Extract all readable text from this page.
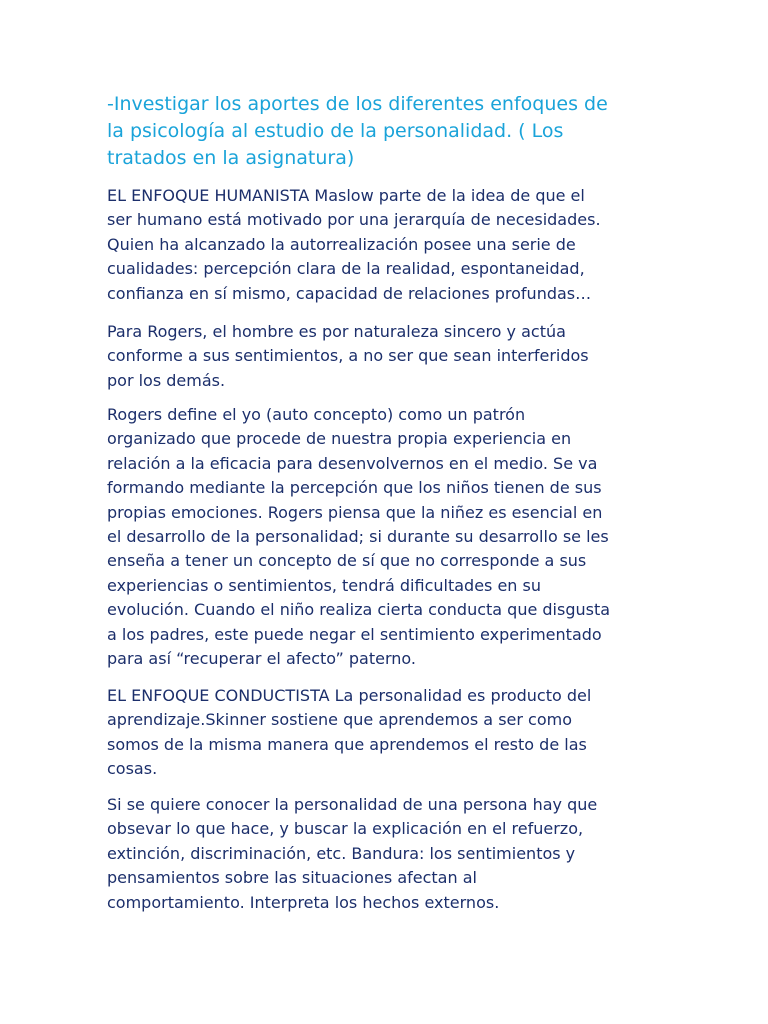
-Investigar los aportes de los diferentes enfoques de
la psicología al estudio de la personalidad. ( Los
tratados en la asignatura)

EL ENFOQUE HUMANISTA Maslow parte de la idea de que el
ser humano está motivado por una jerarquía de necesidades.
Quien ha alcanzado la autorrealización posee una serie de
cualidades: percepción clara de la realidad, espontaneidad,
confianza en sí mismo, capacidad de relaciones profundas…

Para Rogers, el hombre es por naturaleza sincero y actúa
conforme a sus sentimientos, a no ser que sean interferidos
por los demás.

Rogers define el yo (auto concepto) como un patrón
organizado que procede de nuestra propia experiencia en
relación a la eficacia para desenvolvernos en el medio. Se va
formando mediante la percepción que los niños tienen de sus
propias emociones. Rogers piensa que la niñez es esencial en
el desarrollo de la personalidad; si durante su desarrollo se les
enseña a tener un concepto de sí que no corresponde a sus
experiencias o sentimientos, tendrá dificultades en su
evolución. Cuando el niño realiza cierta conducta que disgusta
a los padres, este puede negar el sentimiento experimentado
para así “recuperar el afecto” paterno.

EL ENFOQUE CONDUCTISTA La personalidad es producto del
aprendizaje.Skinner sostiene que aprendemos a ser como
somos de la misma manera que aprendemos el resto de las
cosas.

Si se quiere conocer la personalidad de una persona hay que
obsevar lo que hace, y buscar la explicación en el refuerzo,
extinción, discriminación, etc. Bandura: los sentimientos y
pensamientos sobre las situaciones afectan al
comportamiento. Interpreta los hechos externos.
